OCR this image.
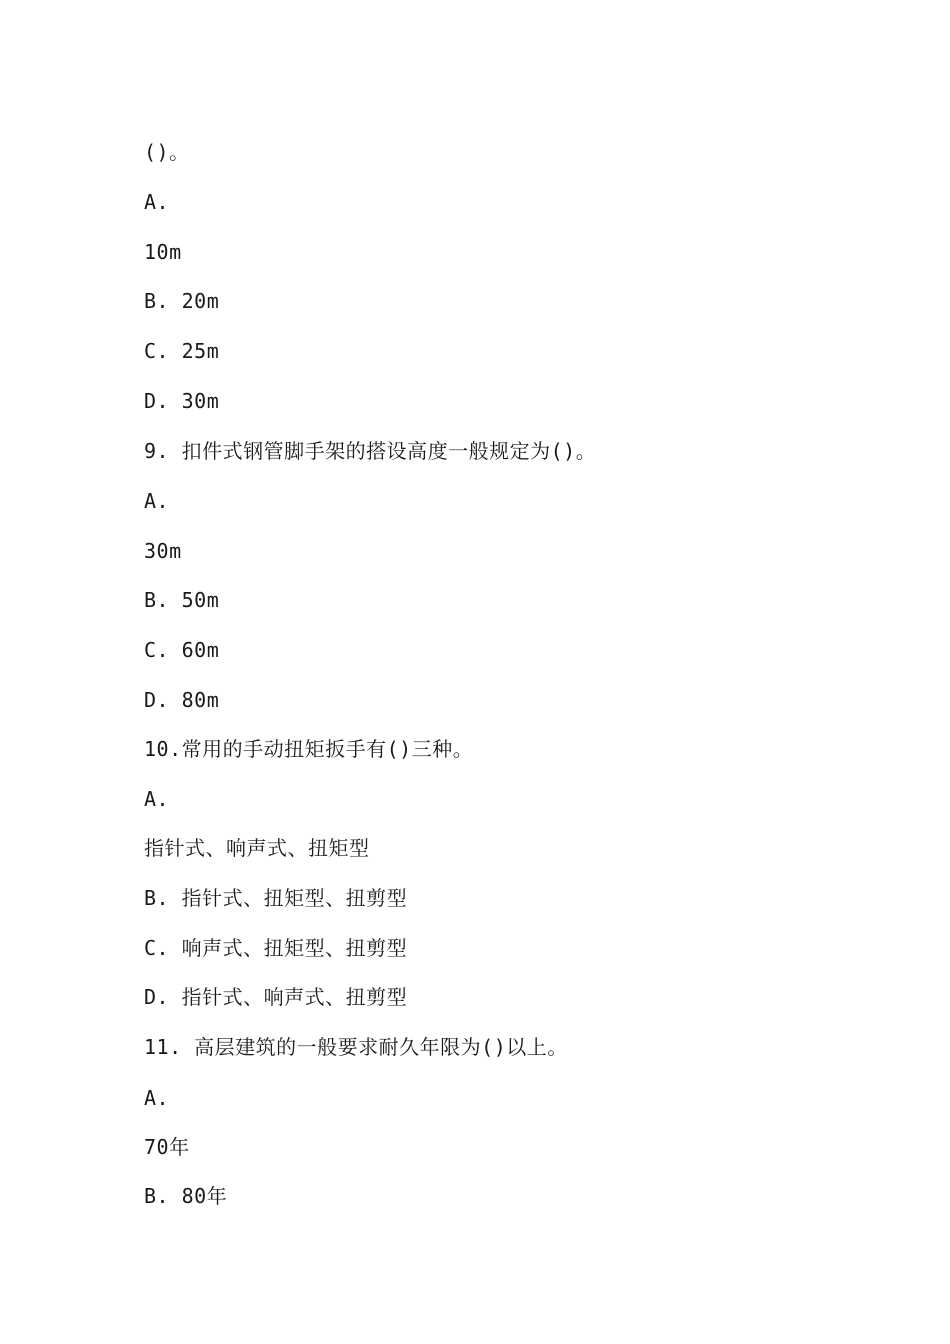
()。

A.

10m

B. 20m

C. 25m

D. 30m

9. 扣件式钢管脚手架的搭设高度一般规定为()。

A.

30m

B. 50m

C. 60m

D. 80m

10.常用的手动扭矩扳手有()三种。

A.

指针式、响声式、扭矩型

B. 指针式、扭矩型、扭剪型

C. 响声式、扭矩型、扭剪型

D. 指针式、响声式、扭剪型

11. 高层建筑的一般要求耐久年限为()以上。

A.

70年

B. 80年
